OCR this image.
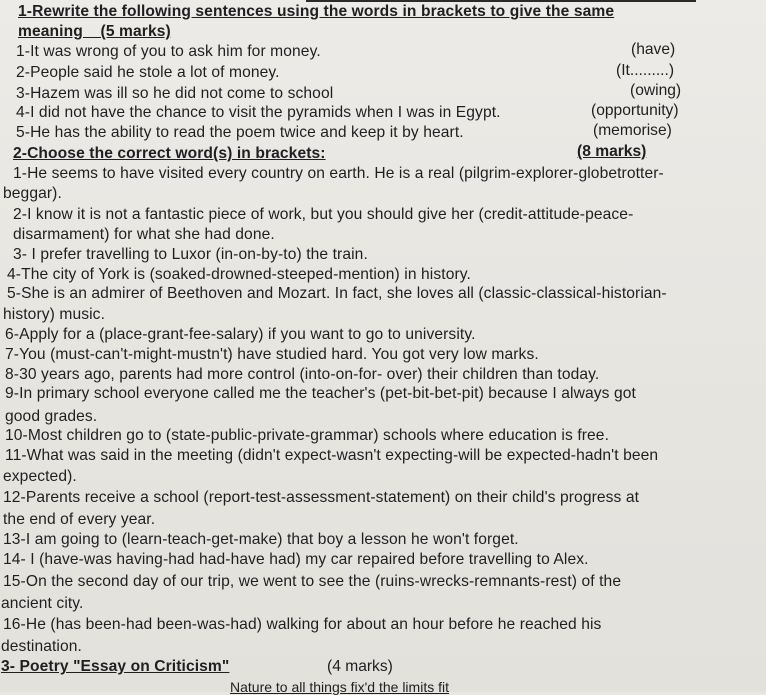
1-Rewrite the following sentences using the words in brackets to give the same
meaning    (5 marks)
1-It was wrong of you to ask him for money.	(have)
2-People said he stole a lot of money.	(It.........)
3-Hazem was ill so he did not come to school	(owing)
4-I did not have the chance to visit the pyramids when I was in Egypt.	(opportunity)
5-He has the ability to read the poem twice and keep it by heart.	(memorise)
2-Choose the correct word(s) in brackets:	(8 marks)
1-He seems to have visited every country on earth. He is a real (pilgrim-explorer-globetrotter-
beggar).
2-I know it is not a fantastic piece of work, but you should give her (credit-attitude-peace-
disarmament) for what she had done.
3- I prefer travelling to Luxor (in-on-by-to) the train.
4-The city of York is (soaked-drowned-steeped-mention) in history.
5-She is an admirer of Beethoven and Mozart. In fact, she loves all (classic-classical-historian-
history) music.
6-Apply for a (place-grant-fee-salary) if you want to go to university.
7-You (must-can't-might-mustn't) have studied hard. You got very low marks.
8-30 years ago, parents had more control (into-on-for- over) their children than today.
9-In primary school everyone called me the teacher's (pet-bit-bet-pit) because I always got
good grades.
10-Most children go to (state-public-private-grammar) schools where education is free.
11-What was said in the meeting (didn't expect-wasn't expecting-will be expected-hadn't been
expected).
12-Parents receive a school (report-test-assessment-statement) on their child's progress at
the end of every year.
13-I am going to (learn-teach-get-make) that boy a lesson he won't forget.
14- I (have-was having-had had-have had) my car repaired before travelling to Alex.
15-On the second day of our trip, we went to see the (ruins-wrecks-remnants-rest) of the
ancient city.
16-He (has been-had been-was-had) walking for about an hour before he reached his
destination.
3- Poetry "Essay on Criticism"	(4 marks)
Nature to all things fix'd the limits fit
